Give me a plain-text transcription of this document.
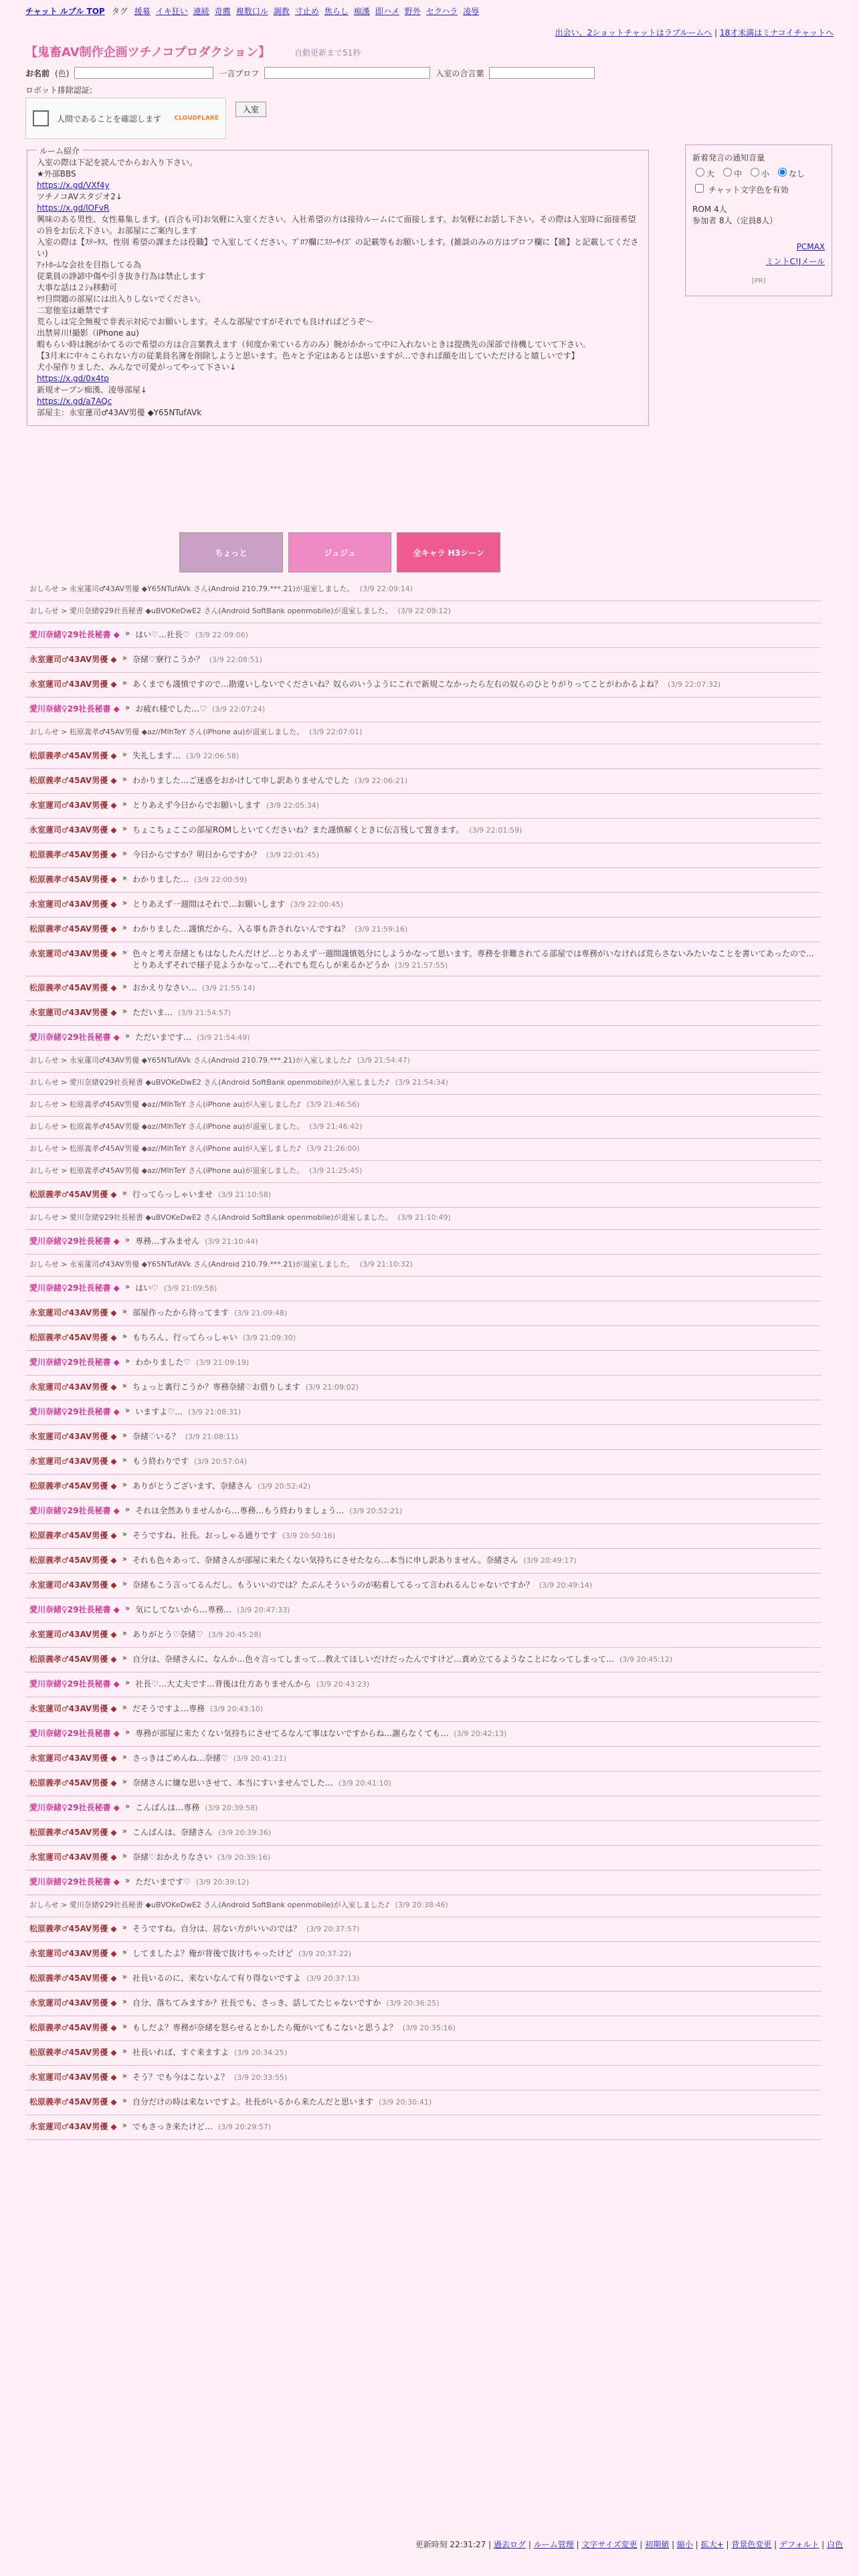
チャット ルブル TOP タグ 援募 イキ狂い 連続 奇薦 複数口ル 調教 寸止め 焦らし 痴漢 即ハメ 野外 セクハラ 凌辱
出会い、2ショットチャットはラブルームへ | 18才未満はミナコイチャットへ
【鬼畜AV制作企画ツチノコプロダクション】	自動更新まで51秒
お名前 (色)	一言プロフ	入室の合言葉
ロボット排除認証:
人間であることを確認します CLOUDFLARE
入室
ルーム紹介
入室の際は下記を読んでからお入り下さい。
★外部BBS
https://x.gd/VXf4y
ツチノコAVスタジオ2↓
https://x.gd/lOFvR
興味のある男性、女性募集します。(百合も可)お気軽に入室ください。入社希望の方は接待ルームにて面接します。お気軽にお話し下さい。その際は入室時に面接希望の旨をお伝え下さい。お部屋にご案内します
入室の際は【ｽﾃｰﾀｽ、性別 希望の課または役職】で入室してください。ﾌﾟﾛﾌ欄にｽﾘｰｻｲｽﾞ の記載等もお願いします。(雑談のみの方はプロフ欄に【雑】と記載してください)
ｱｯﾄﾎｰﾑな会社を目指してる為
従業員の諍諺中傷や引き抜き行為は禁止します
大事な話は２ｼｮ移動可
ﾔﾘ目問題の部屋には出入りしないでください。
二窓他室は厳禁です
荒らしは完全無視で非表示対応でお願いします。そんな部屋ですがそれでも良ければどうぞ〜
出禁昇川!撮影（iPhone au)
暇もらい時は腕がかてるので希望の方は合言葉教えます（何度か来ている方のみ）腕がかかって中に入れないときは提携先の深部で待機していて下さい。
【3月末に中々こられない方の従業員名簿を削除しようと思います。色々と予定はあるとは思いますが…できれば顔を出していただけると嬉しいです】
犬小屋作りました、みんなで可愛がってやって下さい↓
https://x.gd/0x4tp
新規オープン痴漢、凌辱部屋↓
https://x.gd/a7AQc
部屋主：永室蓮司♂43AV男優 ◆Y65NTufAVk
新着発言の通知音量
大	中	小	なし
チャット文字色を有効
ROM 4人
参加者 8人（定員8人）
PCMAX
ミントC!Jメール
[PR]
ちょっと	ジュジュ	全キャラ H3シーン
おしらせ > 永室蓮司♂43AV男優 ◆Y65NTufAVk さん(Android 210.79.***.21)が退室しました。 (3/9 22:09:14)
おしらせ > 愛川奈緒♀29社長秘書 ◆uBVOKeDwE2 さん(Android SoftBank openmobile)が退室しました。 (3/9 22:09:12)
愛川奈緒♀29社長秘書 ◆ » はい♡…社長♡ (3/9 22:09:06)
永室蓮司♂43AV男優 ◆ » 奈緒♡寮行こうか？ (3/9 22:08:51)
永室蓮司♂43AV男優 ◆ » あくまでも謹慎ですので…勘違いしないでくださいね？奴らのいうようにこれで新規こなかったら左右の奴らのひとりがりってことがわかるよね？ (3/9 22:07:32)
愛川奈緒♀29社長秘書 ◆ » お疲れ様でした…♡ (3/9 22:07:24)
おしらせ > 松原義孝♂45AV男優 ◆az//MlhTeY さん(iPhone au)が退室しました。 (3/9 22:07:01)
松原義孝♂45AV男優 ◆ » 失礼します… (3/9 22:06:58)
松原義孝♂45AV男優 ◆ » わかりました…ご迷惑をおかけして申し訳ありませんでした (3/9 22:06:21)
永室蓮司♂43AV男優 ◆ » とりあえず今日からでお願いします (3/9 22:05:34)
永室蓮司♂43AV男優 ◆ » ちょこちょここの部屋ROMしといてくださいね？また謹慎解くときに伝言残して置きます。 (3/9 22:01:59)
松原義孝♂45AV男優 ◆ » 今日からですか？明日からですか？ (3/9 22:01:45)
松原義孝♂45AV男優 ◆ » わかりました… (3/9 22:00:59)
永室蓮司♂43AV男優 ◆ » とりあえず一週間はそれで…お願いします (3/9 22:00:45)
松原義孝♂45AV男優 ◆ » わかりました…謹慎だから、入る事も許されないんですね？ (3/9 21:59:16)
永室蓮司♂43AV男優 ◆ » 色々と考え奈緒ともはなしたんだけど…とりあえず一週間謹慎処分にしようかなって思います。専務を非難されてる部屋では専務がいなければ荒らさないみたいなことを書いてあったので…とりあえずそれで様子見ようかなって…それでも荒らしが来るかどうか (3/9 21:57:55)
松原義孝♂45AV男優 ◆ » おかえりなさい… (3/9 21:55:14)
永室蓮司♂43AV男優 ◆ » ただいま… (3/9 21:54:57)
愛川奈緒♀29社長秘書 ◆ » ただいまです… (3/9 21:54:49)
おしらせ > 永室蓮司♂43AV男優 ◆Y65NTufAVk さん(Android 210.79.***.21)が入室しました♪ (3/9 21:54:47)
おしらせ > 愛川奈緒♀29社長秘書 ◆uBVOKeDwE2 さん(Android SoftBank openmobile)が入室しました♪ (3/9 21:54:34)
おしらせ > 松原義孝♂45AV男優 ◆az//MlhTeY さん(iPhone au)が入室しました♪ (3/9 21:46:56)
おしらせ > 松原義孝♂45AV男優 ◆az//MlhTeY さん(iPhone au)が退室しました。 (3/9 21:46:42)
おしらせ > 松原義孝♂45AV男優 ◆az//MlhTeY さん(iPhone au)が入室しました♪ (3/9 21:26:00)
おしらせ > 松原義孝♂45AV男優 ◆az//MlhTeY さん(iPhone au)が退室しました。 (3/9 21:25:45)
松原義孝♂45AV男優 ◆ » 行ってらっしゃいませ (3/9 21:10:58)
おしらせ > 愛川奈緒♀29社長秘書 ◆uBVOKeDwE2 さん(Android SoftBank openmobile)が退室しました。 (3/9 21:10:49)
愛川奈緒♀29社長秘書 ◆ » 専務…すみません (3/9 21:10:44)
おしらせ > 永室蓮司♂43AV男優 ◆Y65NTufAVk さん(Android 210.79.***.21)が退室しました。 (3/9 21:10:32)
愛川奈緒♀29社長秘書 ◆ » はい♡ (3/9 21:09:58)
永室蓮司♂43AV男優 ◆ » 部屋作ったから待ってます (3/9 21:09:48)
松原義孝♂45AV男優 ◆ » もちろん、行ってらっしゃい (3/9 21:09:30)
愛川奈緒♀29社長秘書 ◆ » わかりました♡ (3/9 21:09:19)
永室蓮司♂43AV男優 ◆ » ちょっと裏行こうか？専務奈緒♡お借りします (3/9 21:09:02)
愛川奈緒♀29社長秘書 ◆ » いますよ♡… (3/9 21:08:31)
永室蓮司♂43AV男優 ◆ » 奈緒♡いる？ (3/9 21:08:11)
永室蓮司♂43AV男優 ◆ » もう終わりです (3/9 20:57:04)
松原義孝♂45AV男優 ◆ » ありがとうございます、奈緒さん (3/9 20:52:42)
愛川奈緒♀29社長秘書 ◆ » それは全然ありませんから…専務…もう終わりましょう… (3/9 20:52:21)
松原義孝♂45AV男優 ◆ » そうですね、社長。おっしゃる通りです (3/9 20:50:16)
松原義孝♂45AV男優 ◆ » それも色々あって、奈緒さんが部屋に来たくない気持ちにさせたなら…本当に申し訳ありません。奈緒さん (3/9 20:49:17)
永室蓮司♂43AV男優 ◆ » 奈緒もこう言ってるんだし。もういいのでは？たぶんそういうのが粘着してるって言われるんじゃないですか？ (3/9 20:49:14)
愛川奈緒♀29社長秘書 ◆ » 気にしてないから…専務… (3/9 20:47:33)
永室蓮司♂43AV男優 ◆ » ありがとう♡奈緒♡ (3/9 20:45:28)
松原義孝♂45AV男優 ◆ » 自分は、奈緒さんに、なんか…色々言ってしまって…教えてほしいだけだったんですけど…責め立てるようなことになってしまって… (3/9 20:45:12)
愛川奈緒♀29社長秘書 ◆ » 社長♡…大丈夫です…背後は仕方ありませんから (3/9 20:43:23)
永室蓮司♂43AV男優 ◆ » だそうですよ…専務 (3/9 20:43:10)
愛川奈緒♀29社長秘書 ◆ » 専務が部屋に来たくない気持ちにさせてるなんて事はないですからね…謝らなくても… (3/9 20:42:13)
永室蓮司♂43AV男優 ◆ » さっきはごめんね…奈緒♡ (3/9 20:41:21)
松原義孝♂45AV男優 ◆ » 奈緒さんに嫌な思いさせて、本当にすいませんでした… (3/9 20:41:10)
愛川奈緒♀29社長秘書 ◆ » こんばんは…専務 (3/9 20:39:58)
松原義孝♂45AV男優 ◆ » こんばんは、奈緒さん (3/9 20:39:36)
永室蓮司♂43AV男優 ◆ » 奈緒♡おかえりなさい (3/9 20:39:16)
愛川奈緒♀29社長秘書 ◆ » ただいまです♡ (3/9 20:39:12)
おしらせ > 愛川奈緒♀29社長秘書 ◆uBVOKeDwE2 さん(Android SoftBank openmobile)が入室しました♪ (3/9 20:38:46)
松原義孝♂45AV男優 ◆ » そうですね。自分は、居ない方がいいのでは？ (3/9 20:37:57)
永室蓮司♂43AV男優 ◆ » してましたよ？俺が背後で抜けちゃったけど (3/9 20:37:22)
松原義孝♂45AV男優 ◆ » 社長いるのに、来ないなんて有り得ないですよ (3/9 20:37:13)
永室蓮司♂43AV男優 ◆ » 自分、落ちてみますか？社長でも、さっき、話してたじゃないですか (3/9 20:36:25)
松原義孝♂45AV男優 ◆ » もしだよ？専務が奈緒を怒らせるとかしたら俺がいてもこないと思うよ？ (3/9 20:35:16)
松原義孝♂45AV男優 ◆ » 社長いれば、すぐ来ますよ (3/9 20:34:25)
永室蓮司♂43AV男優 ◆ » そう？でも今はこないよ？ (3/9 20:33:55)
松原義孝♂45AV男優 ◆ » 自分だけの時は来ないですよ。社長がいるから来たんだと思います (3/9 20:30:41)
永室蓮司♂43AV男優 ◆ » でもさっき来たけど… (3/9 20:29:57)
更新時刻 22:31:27 | 過去ログ | ルーム管理 | 文字サイズ変更 | 初期値 | 縮小 | 拡大+ | 背景色変更 | デフォルト | 白色
